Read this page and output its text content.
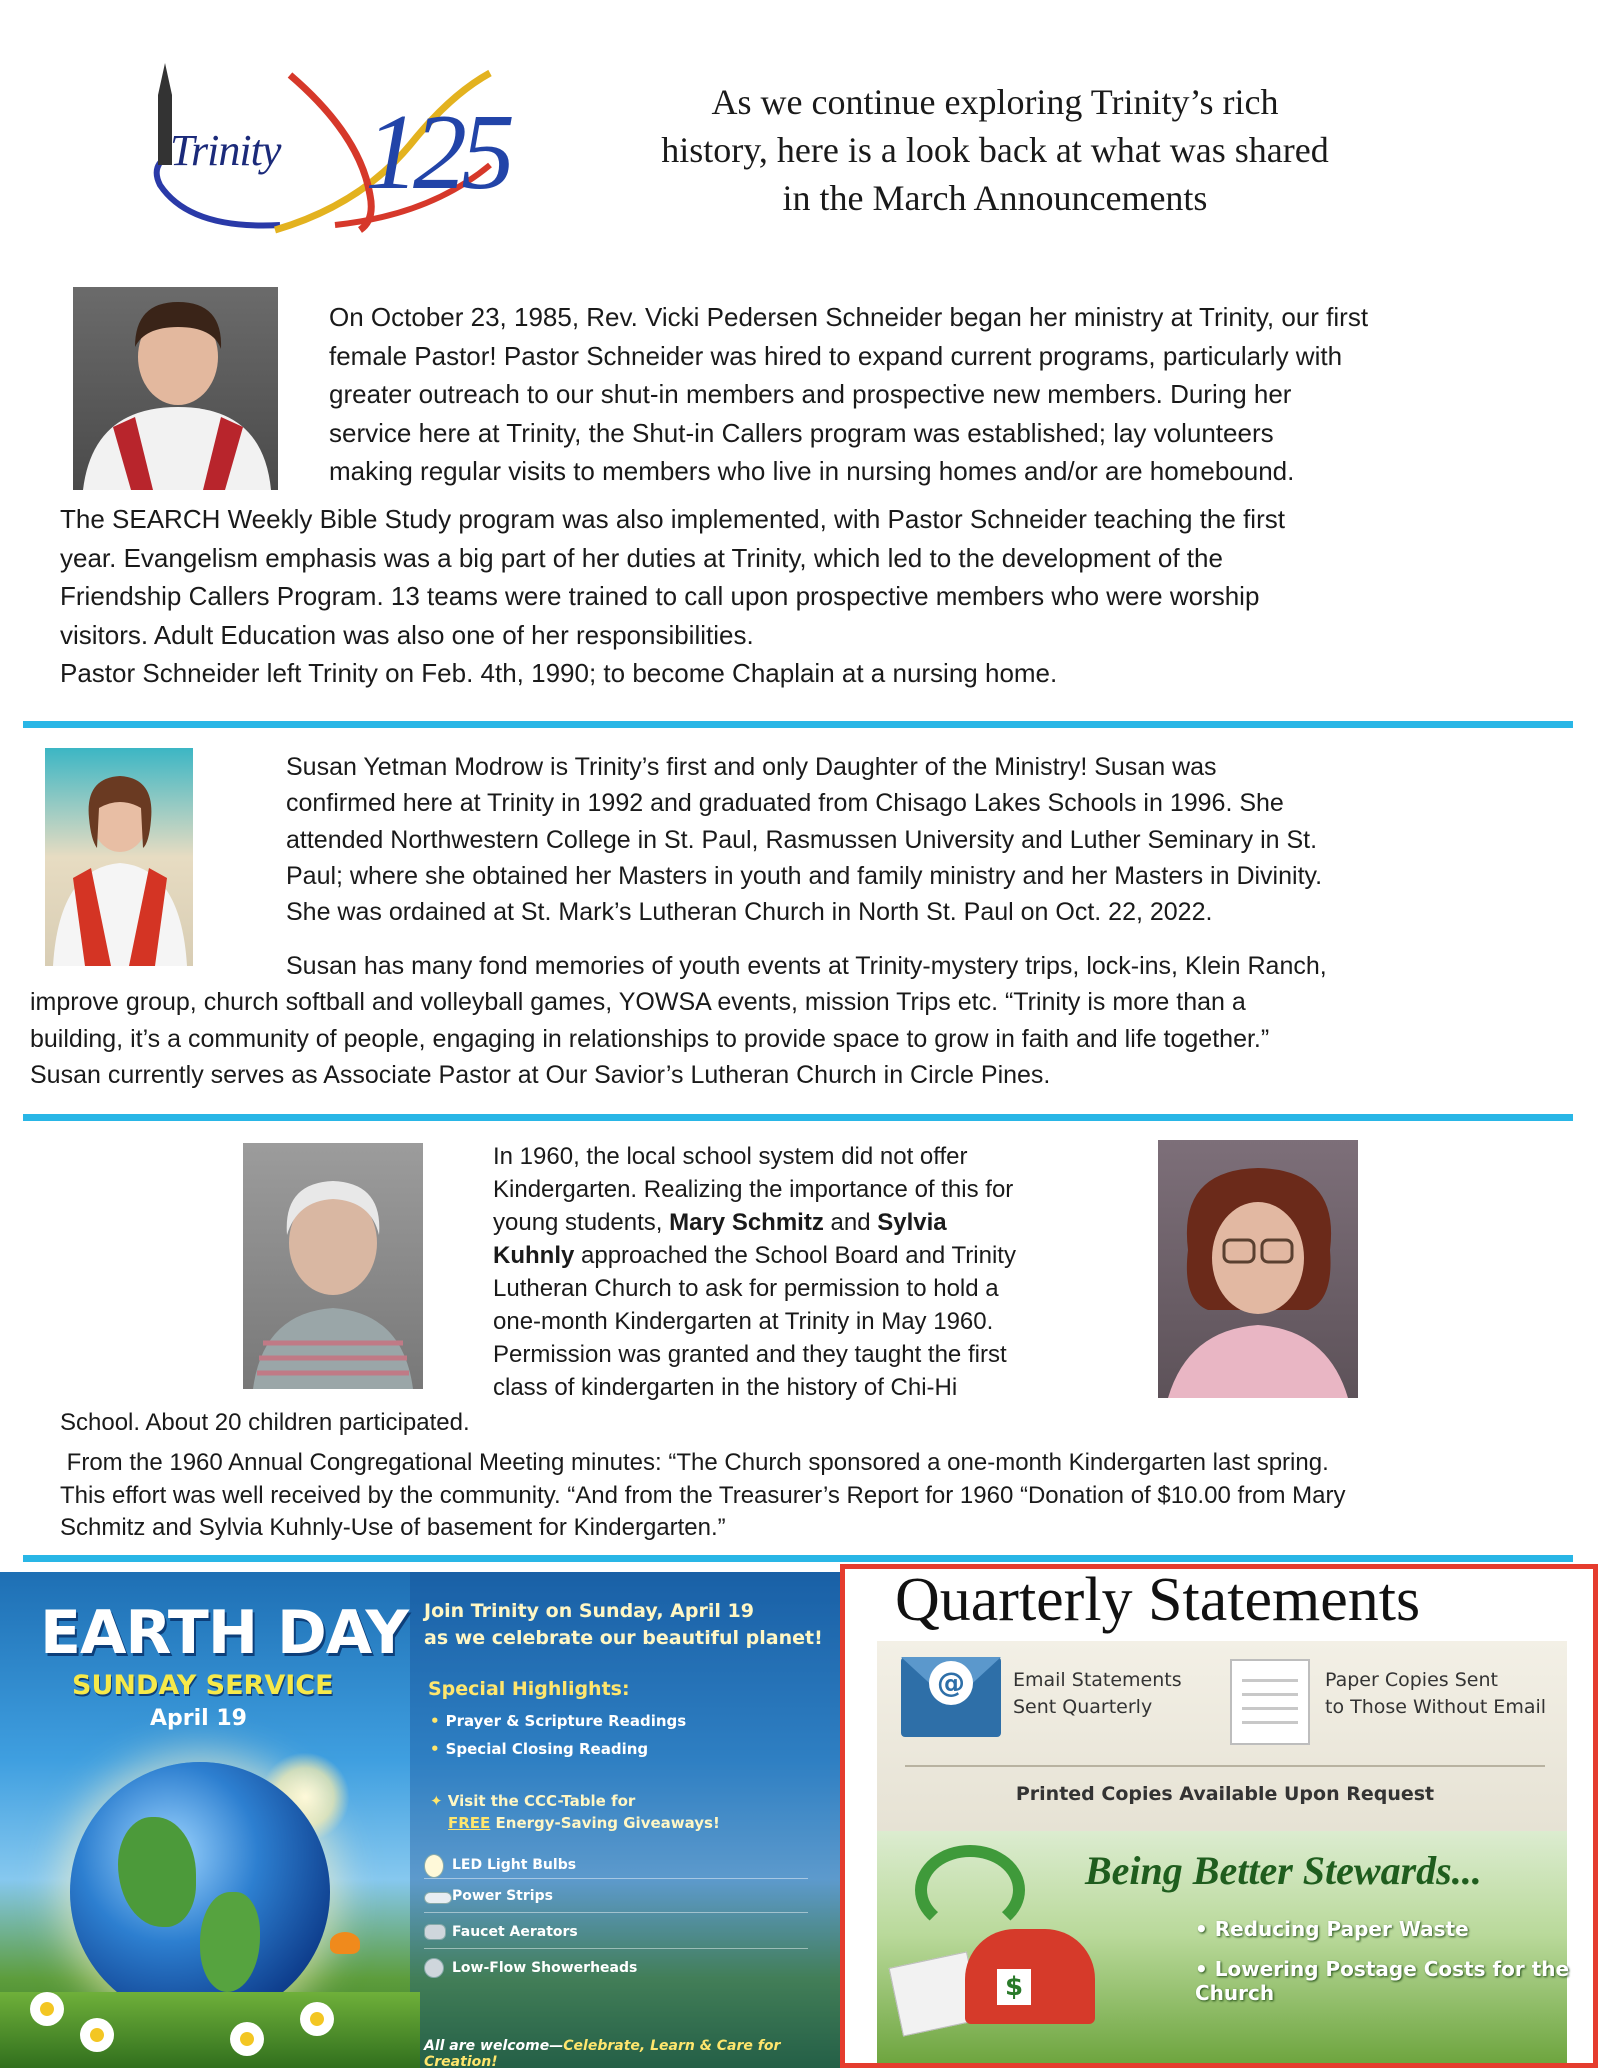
Trinity 125	As we continue exploring Trinity’s rich
history, here is a look back at what was shared
in the March Announcements
On October 23, 1985, Rev. Vicki Pedersen Schneider began her ministry at Trinity, our first
female Pastor! Pastor Schneider was hired to expand current programs, particularly with
greater outreach to our shut-in members and prospective new members. During her
service here at Trinity, the Shut-in Callers program was established; lay volunteers
making regular visits to members who live in nursing homes and/or are homebound.
The SEARCH Weekly Bible Study program was also implemented, with Pastor Schneider teaching the first
year. Evangelism emphasis was a big part of her duties at Trinity, which led to the development of the
Friendship Callers Program. 13 teams were trained to call upon prospective members who were worship
visitors. Adult Education was also one of her responsibilities.
Pastor Schneider left Trinity on Feb. 4th, 1990; to become Chaplain at a nursing home.
Susan Yetman Modrow is Trinity’s first and only Daughter of the Ministry! Susan was
confirmed here at Trinity in 1992 and graduated from Chisago Lakes Schools in 1996. She
attended Northwestern College in St. Paul, Rasmussen University and Luther Seminary in St.
Paul; where she obtained her Masters in youth and family ministry and her Masters in Divinity.
She was ordained at St. Mark’s Lutheran Church in North St. Paul on Oct. 22, 2022.
Susan has many fond memories of youth events at Trinity-mystery trips, lock-ins, Klein Ranch,
improve group, church softball and volleyball games, YOWSA events, mission Trips etc. “Trinity is more than a
building, it’s a community of people, engaging in relationships to provide space to grow in faith and life together.”
Susan currently serves as Associate Pastor at Our Savior’s Lutheran Church in Circle Pines.
In 1960, the local school system did not offer
Kindergarten. Realizing the importance of this for
young students, Mary Schmitz and Sylvia
Kuhnly approached the School Board and Trinity
Lutheran Church to ask for permission to hold a
one-month Kindergarten at Trinity in May 1960.
Permission was granted and they taught the first
class of kindergarten in the history of Chi-Hi
School. About 20 children participated.
From the 1960 Annual Congregational Meeting minutes: “The Church sponsored a one-month Kindergarten last spring.
This effort was well received by the community. “And from the Treasurer’s Report for 1960 “Donation of $10.00 from Mary
Schmitz and Sylvia Kuhnly-Use of basement for Kindergarten.”
EARTH DAY
SUNDAY SERVICE
April 19
Join Trinity on Sunday, April 19
as we celebrate our beautiful planet!
Special Highlights:
• Prayer & Scripture Readings
• Special Closing Reading
✦ Visit the CCC-Table for
FREE Energy-Saving Giveaways!
LED Light Bulbs
Power Strips
Faucet Aerators
Low-Flow Showerheads
All are welcome—Celebrate, Learn & Care for Creation!
Quarterly Statements
@	Email Statements
Sent Quarterly
Paper Copies Sent
to Those Without Email
Printed Copies Available Upon Request
Being Better Stewards...
$
• Reducing Paper Waste
• Lowering Postage Costs for the Church
